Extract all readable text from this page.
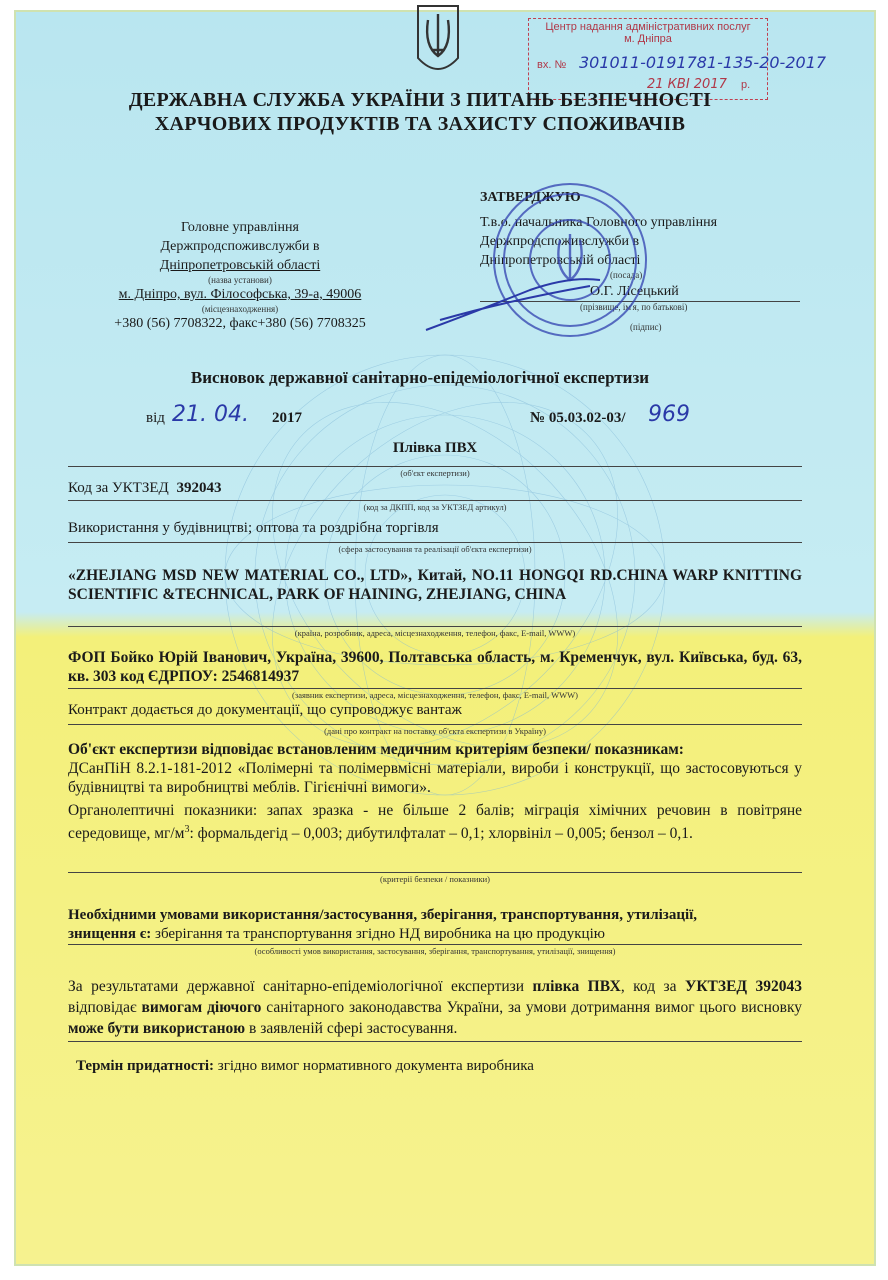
Центр надання адміністративних послуг
м. Дніпра
вх. № 301011-0191781-135-20-2017
21 КВІ 2017 р.
ДЕРЖАВНА СЛУЖБА УКРАЇНИ З ПИТАНЬ БЕЗПЕЧНОСТІ
ХАРЧОВИХ ПРОДУКТІВ ТА ЗАХИСТУ СПОЖИВАЧІВ
Головне управління
Держпродспоживслужби в
Дніпропетровській області
(назва установи)
м. Дніпро, вул. Філософська, 39-а, 49006
(місцезнаходження)
+380 (56) 7708322, факс+380 (56) 7708325
ЗАТВЕРДЖУЮ
Т.в.о. начальника Головного управління
Держпродспоживслужби в
Дніпропетровській області
(посада)
О.Г. Лісецький
(прізвище, ім'я, по батькові)
(підпис)
Висновок державної санітарно-епідеміологічної експертизи
від 21. 04. 2017	№ 05.03.02-03/ 969
Плівка ПВХ
(об'єкт експертизи)
Код за УКТЗЕД 392043
(код за ДКПП, код за УКТЗЕД артикул)
Використання у будівництві; оптова та роздрібна торгівля
(сфера застосування та реалізації об'єкта експертизи)
«ZHEJIANG MSD NEW MATERIAL CO., LTD», Китай, NO.11 HONGQI RD.CHINA WARP KNITTING SCIENTIFIC &TECHNICAL, PARK OF HAINING, ZHEJIANG, CHINA
(країна, розробник, адреса, місцезнаходження, телефон, факс, E-mail, WWW)
ФОП Бойко Юрій Іванович, Україна, 39600, Полтавська область, м. Кременчук, вул. Київська, буд. 63, кв. 303 код ЄДРПОУ: 2546814937
(заявник експертизи, адреса, місцезнаходження, телефон, факс, E-mail, WWW)
Контракт додається до документації, що супроводжує вантаж
(дані про контракт на поставку об'єкта експертизи в Україну)
Об'єкт експертизи відповідає встановленим медичним критеріям безпеки/ показникам:
ДСанПіН 8.2.1-181-2012 «Полімерні та полімервмісні матеріали, вироби і конструкції, що застосовуються у будівництві та виробництві меблів. Гігієнічні вимоги».
Органолептичні показники: запах зразка - не більше 2 балів; міграція хімічних речовин в повітряне середовище, $мг/м^3$: формальдегід – 0,003; дибутилфталат – 0,1; хлорвініл – 0,005; бензол – 0,1.
(критерії безпеки / показники)
Необхідними умовами використання/застосування, зберігання, транспортування, утилізації,
знищення є: зберігання та транспортування згідно НД виробника на цю продукцію
(особливості умов використання, застосування, зберігання, транспортування, утилізації, знищення)
За результатами державної санітарно-епідеміологічної експертизи плівка ПВХ, код за УКТЗЕД 392043 відповідає вимогам діючого санітарного законодавства України, за умови дотримання вимог цього висновку може бути використаною в заявленій сфері застосування.
Термін придатності: згідно вимог нормативного документа виробника
